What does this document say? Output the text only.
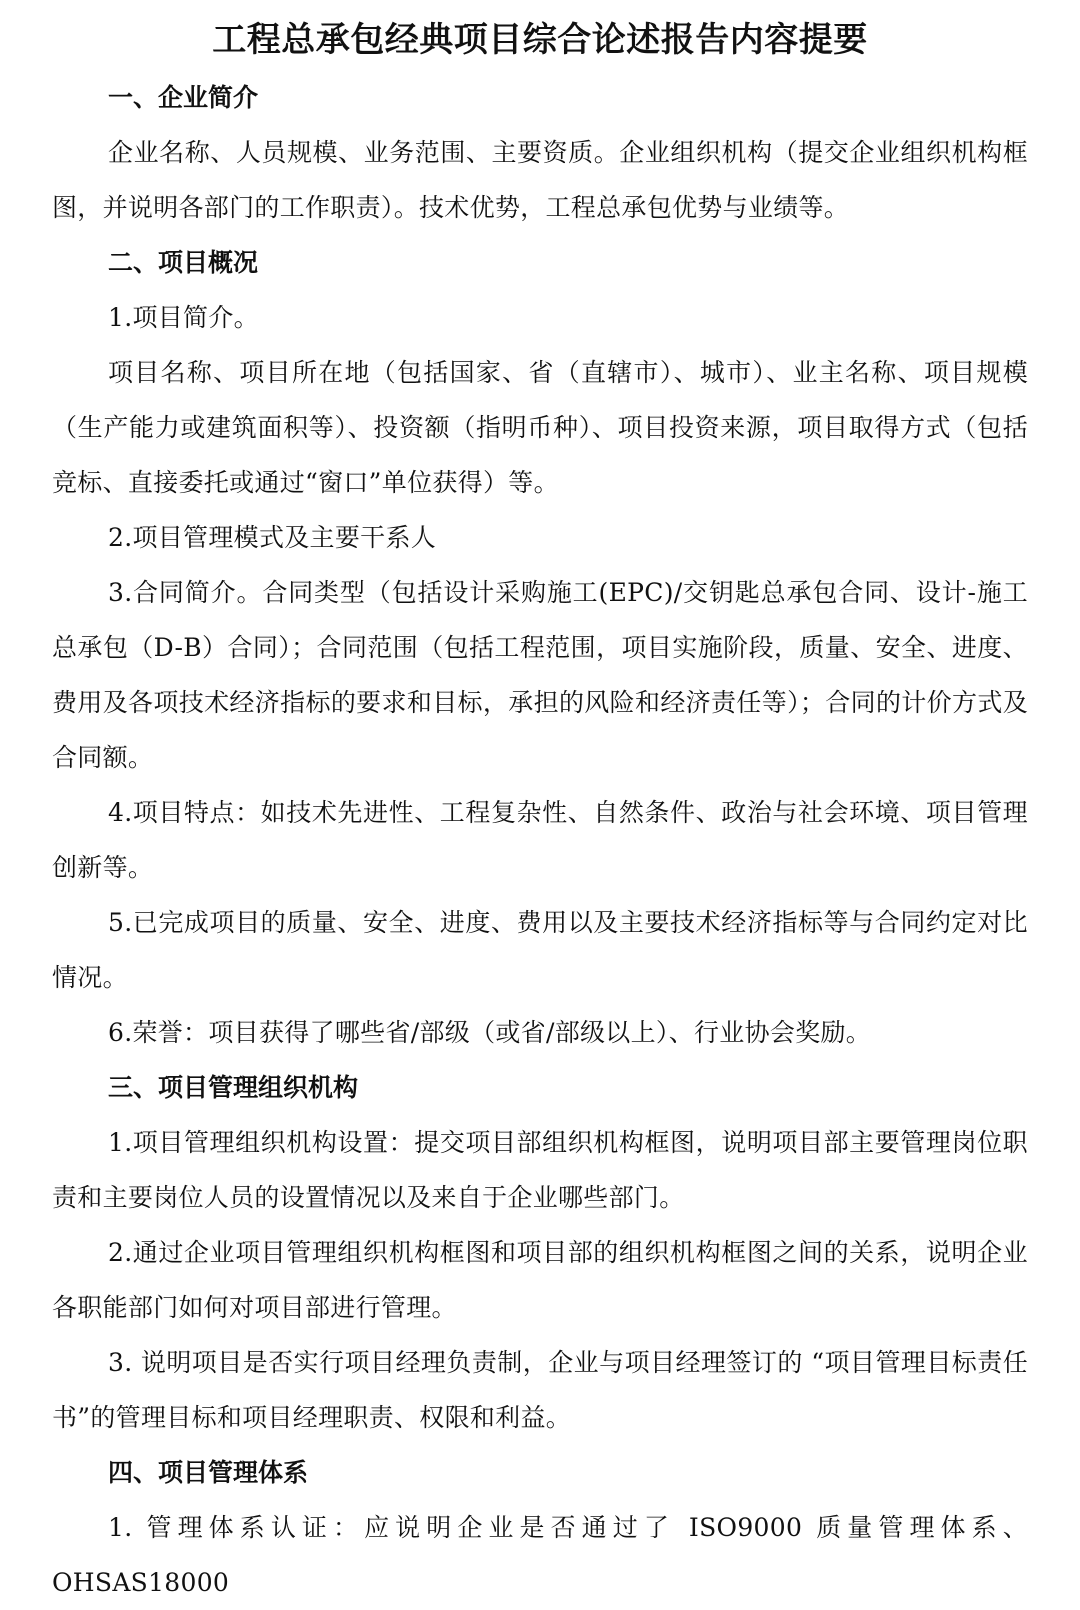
工程总承包经典项目综合论述报告内容提要
一、企业简介

企业名称、人员规模、业务范围、主要资质。企业组织机构（提交企业组织机构框图，并说明各部门的工作职责）。技术优势，工程总承包优势与业绩等。

二、项目概况

1.项目简介。

项目名称、项目所在地（包括国家、省（直辖市）、城市）、业主名称、项目规模（生产能力或建筑面积等）、投资额（指明币种）、项目投资来源，项目取得方式（包括竞标、直接委托或通过“窗口”单位获得）等。

2.项目管理模式及主要干系人

3.合同简介。合同类型（包括设计采购施工(EPC)/交钥匙总承包合同、设计-施工总承包（D-B）合同）；合同范围（包括工程范围，项目实施阶段，质量、安全、进度、费用及各项技术经济指标的要求和目标，承担的风险和经济责任等）；合同的计价方式及合同额。

4.项目特点：如技术先进性、工程复杂性、自然条件、政治与社会环境、项目管理创新等。

5.已完成项目的质量、安全、进度、费用以及主要技术经济指标等与合同约定对比情况。

6.荣誉：项目获得了哪些省/部级（或省/部级以上）、行业协会奖励。

三、项目管理组织机构

1.项目管理组织机构设置：提交项目部组织机构框图，说明项目部主要管理岗位职责和主要岗位人员的设置情况以及来自于企业哪些部门。

2.通过企业项目管理组织机构框图和项目部的组织机构框图之间的关系，说明企业各职能部门如何对项目部进行管理。

3. 说明项目是否实行项目经理负责制，企业与项目经理签订的 “项目管理目标责任书”的管理目标和项目经理职责、权限和利益。

四、项目管理体系

1. 管理体系认证：应说明企业是否通过了 ISO9000 质量管理体系、OHSAS18000
